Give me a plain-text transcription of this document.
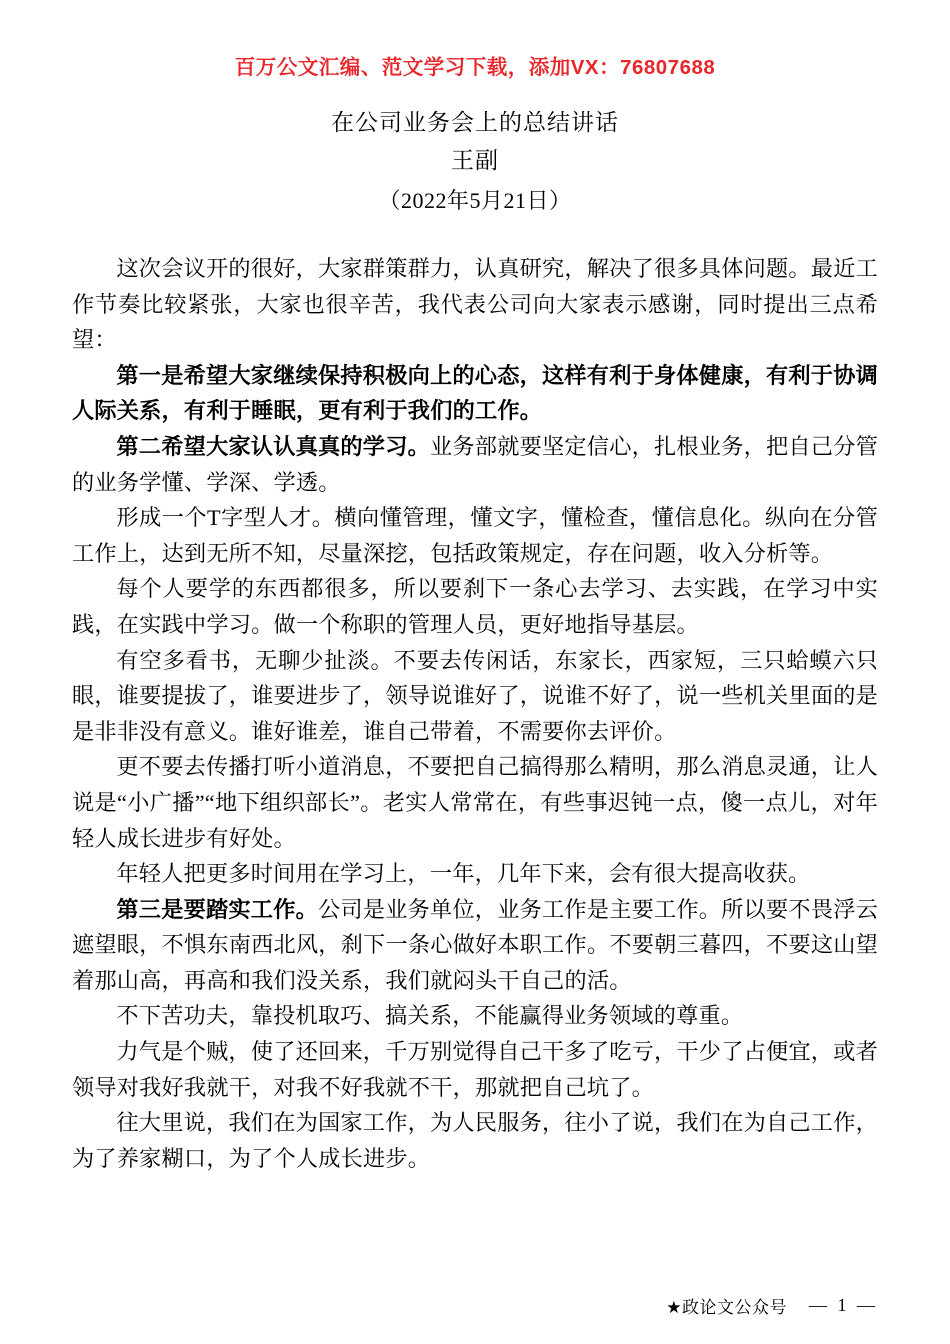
百万公文汇编、范文学习下载，添加VX：76807688
在公司业务会上的总结讲话
王副
（2022年5月21日）

这次会议开的很好，大家群策群力，认真研究，解决了很多具体问题。最近工作节奏比较紧张，大家也很辛苦，我代表公司向大家表示感谢，同时提出三点希望：

第一是希望大家继续保持积极向上的心态，这样有利于身体健康，有利于协调人际关系，有利于睡眠，更有利于我们的工作。

第二希望大家认认真真的学习。业务部就要坚定信心，扎根业务，把自己分管的业务学懂、学深、学透。

形成一个T字型人才。横向懂管理，懂文字，懂检查，懂信息化。纵向在分管工作上，达到无所不知，尽量深挖，包括政策规定，存在问题，收入分析等。

每个人要学的东西都很多，所以要刹下一条心去学习、去实践，在学习中实践，在实践中学习。做一个称职的管理人员，更好地指导基层。

有空多看书，无聊少扯淡。不要去传闲话，东家长，西家短，三只蛤蟆六只眼，谁要提拔了，谁要进步了，领导说谁好了，说谁不好了，说一些机关里面的是是非非没有意义。谁好谁差，谁自己带着，不需要你去评价。

更不要去传播打听小道消息，不要把自己搞得那么精明，那么消息灵通，让人说是“小广播”“地下组织部长”。老实人常常在，有些事迟钝一点，傻一点儿，对年轻人成长进步有好处。

年轻人把更多时间用在学习上，一年，几年下来，会有很大提高收获。

第三是要踏实工作。公司是业务单位，业务工作是主要工作。所以要不畏浮云遮望眼，不惧东南西北风，刹下一条心做好本职工作。不要朝三暮四，不要这山望着那山高，再高和我们没关系，我们就闷头干自己的活。

不下苦功夫，靠投机取巧、搞关系，不能赢得业务领域的尊重。

力气是个贼，使了还回来，千万别觉得自己干多了吃亏，干少了占便宜，或者领导对我好我就干，对我不好我就不干，那就把自己坑了。

往大里说，我们在为国家工作，为人民服务，往小了说，我们在为自己工作，为了养家糊口，为了个人成长进步。

★政论文公众号 — 1 —
